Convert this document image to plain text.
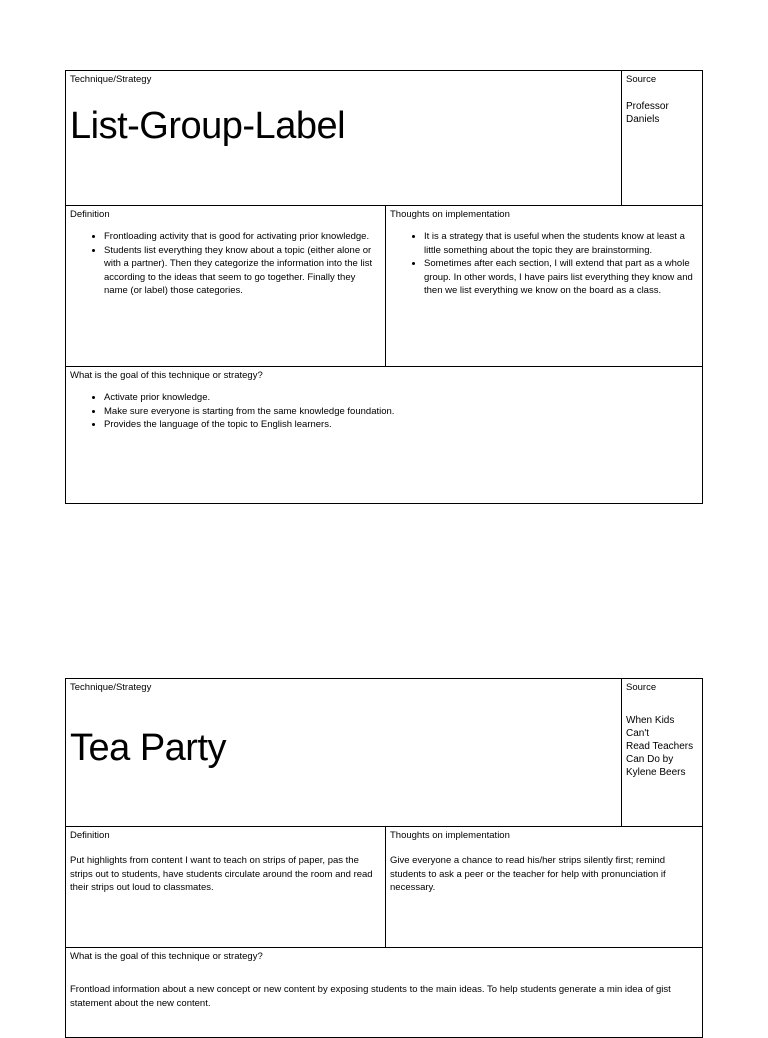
Technique/Strategy
List-Group-Label
Source
Professor
Daniels
Definition
• Frontloading activity that is good for activating prior knowledge.
• Students list everything they know about a topic (either alone or with a partner). Then they categorize the information into the list according to the ideas that seem to go together. Finally they name (or label) those categories.
Thoughts on implementation
• It is a strategy that is useful when the students know at least a little something about the topic they are brainstorming.
• Sometimes after each section, I will extend that part as a whole group. In other words, I have pairs list everything they know and then we list everything we know on the board as a class.
What is the goal of this technique or strategy?
• Activate prior knowledge.
• Make sure everyone is starting from the same knowledge foundation.
• Provides the language of the topic to English learners.
Technique/Strategy
Tea Party
Source
When Kids Can't
Read Teachers
Can Do by
Kylene Beers
Definition

Put highlights from content I want to teach on strips of paper, pas the strips out to students, have students circulate around the room and read their strips out loud to classmates.

Thoughts on implementation

Give everyone a chance to read his/her strips silently first; remind students to ask a peer or the teacher for help with pronunciation if necessary.

What is the goal of this technique or strategy?

Frontload information about a new concept or new content by exposing students to the main ideas. To help students generate a min idea of gist statement about the new content.
